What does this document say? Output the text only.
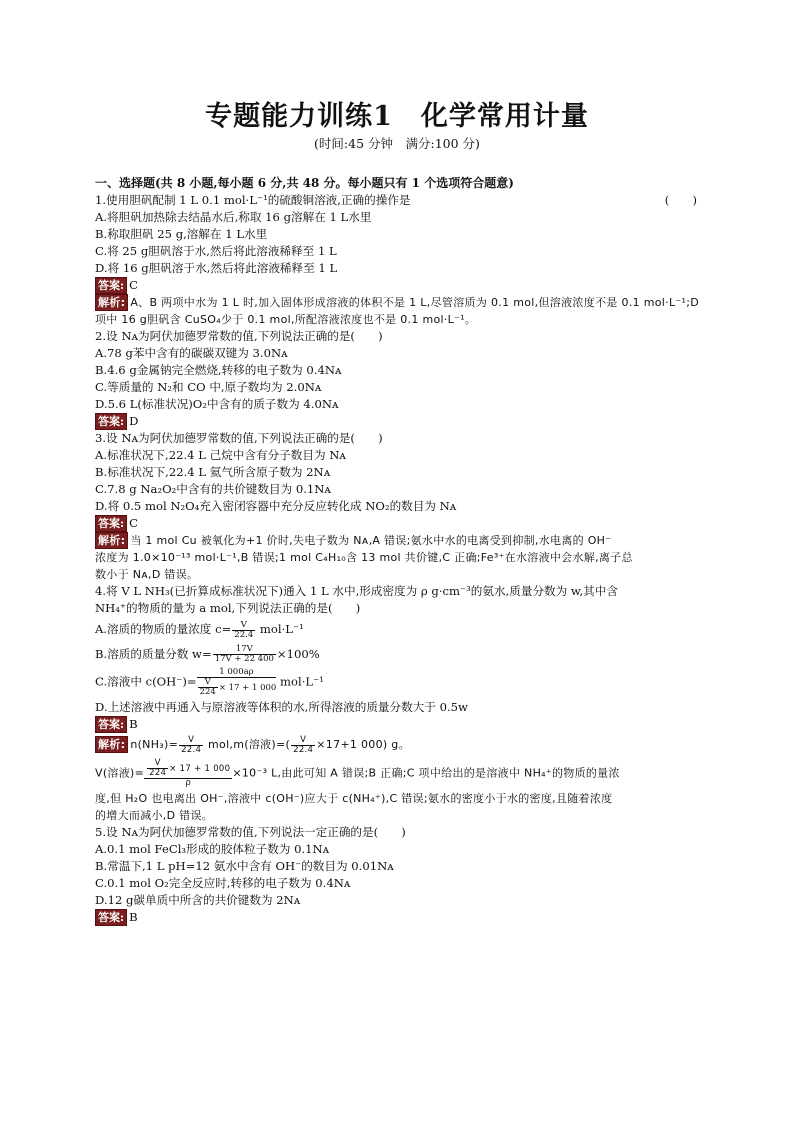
专题能力训练1　化学常用计量
(时间:45 分钟　满分:100 分)
一、选择题(共 8 小题,每小题 6 分,共 48 分。每小题只有 1 个选项符合题意)
1.使用胆矾配制 1 L 0.1 mol·L⁻¹的硫酸铜溶液,正确的操作是	(　　)
A.将胆矾加热除去结晶水后,称取 16 g溶解在 1 L水里
B.称取胆矾 25 g,溶解在 1 L水里
C.将 25 g胆矾溶于水,然后将此溶液稀释至 1 L
D.将 16 g胆矾溶于水,然后将此溶液稀释至 1 L
答案: C
解析: A、B 两项中水为 1 L 时,加入固体形成溶液的体积不是 1 L,尽管溶质为 0.1 mol,但溶液浓度不是 0.1 mol·L⁻¹;D 项中 16 g胆矾含 CuSO₄少于 0.1 mol,所配溶液浓度也不是 0.1 mol·L⁻¹。
2.设 Nᴀ为阿伏加德罗常数的值,下列说法正确的是(　　)
A.78 g苯中含有的碳碳双键为 3.0Nᴀ
B.4.6 g金属钠完全燃烧,转移的电子数为 0.4Nᴀ
C.等质量的 N₂和 CO 中,原子数均为 2.0Nᴀ
D.5.6 L(标准状况)O₂中含有的质子数为 4.0Nᴀ
答案: D
3.设 Nᴀ为阿伏加德罗常数的值,下列说法正确的是(　　)
A.标准状况下,22.4 L 己烷中含有分子数目为 Nᴀ
B.标准状况下,22.4 L 氦气所含原子数为 2Nᴀ
C.7.8 g Na₂O₂中含有的共价键数目为 0.1Nᴀ
D.将 0.5 mol N₂O₄充入密闭容器中充分反应转化成 NO₂的数目为 Nᴀ
答案: C
解析: 当 1 mol Cu 被氧化为+1 价时,失电子数为 Nᴀ,A 错误;氨水中水的电离受到抑制,水电离的 OH⁻
浓度为 1.0×10⁻¹³ mol·L⁻¹,B 错误;1 mol C₄H₁₀含 13 mol 共价键,C 正确;Fe³⁺在水溶液中会水解,离子总
数小于 Nᴀ,D 错误。
4.将 V L NH₃(已折算成标准状况下)通入 1 L 水中,形成密度为 ρ g·cm⁻³的氨水,质量分数为 w,其中含
NH₄⁺的物质的量为 a mol,下列说法正确的是(　　)
A.溶质的物质的量浓度 $c= \frac{V}{22.4} mol\cdot L^{-1}$
B.溶质的质量分数 $w= \frac{17V}{17V + 22 400} \times 100\%$
C.溶液中 $c(OH^-)= \frac{1 000a\rho}{\frac{V}{224} \times 17 + 1 000} mol\cdot L^{-1}$
D.上述溶液中再通入与原溶液等体积的水,所得溶液的质量分数大于 0.5w
答案: B
解析: $n(NH_3)= \frac{V}{22.4} mol,m$(溶液)=( $\frac{V}{22.4} \times 17+1$ 000) g。
V(溶液)= $\frac{\frac{V}{224} \times 17 + 1 000}{\rho} \times 10^{-3}$ L,由此可知 A 错误;B 正确;C 项中给出的是溶液中 NH₄⁺的物质的量浓
度,但 H₂O 也电离出 OH⁻,溶液中 c(OH⁻)应大于 c(NH₄⁺),C 错误;氨水的密度小于水的密度,且随着浓度
的增大而减小,D 错误。
5.设 Nᴀ为阿伏加德罗常数的值,下列说法一定正确的是(　　)
A.0.1 mol FeCl₃形成的胶体粒子数为 0.1Nᴀ
B.常温下,1 L pH=12 氨水中含有 OH⁻的数目为 0.01Nᴀ
C.0.1 mol O₂完全反应时,转移的电子数为 0.4Nᴀ
D.12 g碳单质中所含的共价键数为 2Nᴀ
答案: B
